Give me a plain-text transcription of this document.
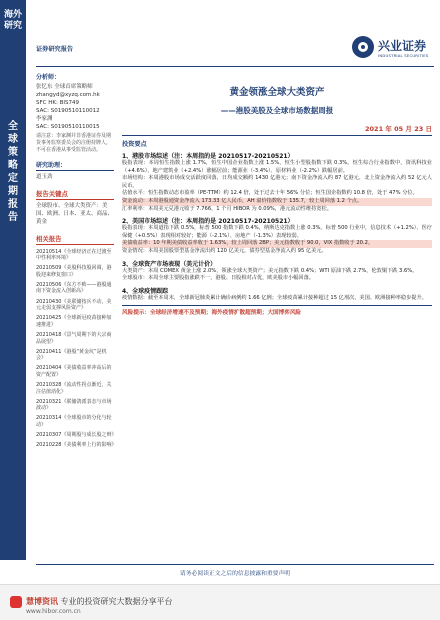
海外研究
全球策略定期报告
证券研究报告	兴业证券
INDUSTRIAL SECURITIES
分析师：
张忆东 全球首席策略师
zhangyd@xyzq.com.hk
SFC HK: BIS749
SAC: S0190510110012
李家渊
SAC: S0190510110015
请注意：李家渊并非香港证券及期货事务监察委员会的注册持牌人，不可在香港从事受监管活动。
研究助理：
道玉劲
报告关键点
全球股市、全球大类资产：美国、欧洲、日本、亚太、商品、黄金
相关报告
20210514《全球经济正在过渡至中性利率环境》
20210509《美股科技股回调，港股迎来修复窗口》
20210506《东方不败——港股通南下资金流入创新高》
20210430《美联储按兵不动，美元走弱支撑风险资产》
20210425《全球新冠疫苗接种加速推进》
20210418《景气周期下的大宗商品展望》
20210411《港股“黄金坑”是机会》
20210404《美债收益率冲高后的资产配置》
20210328《流动性拐点渐近，关注估值消化》
20210321《联储鸽派表态与市场波动》
20210314《全球股市的分化与轮动》
20210307《周期股与成长股之辩》
20210228《美债利率上行的影响》
黄金领涨全球大类资产
——港股美股及全球市场数据周报
2021 年 05 月 23 日
投资要点
1、港股市场综述（注：本周指的是 20210517-20210521）
股指表现：本周恒生指数上涨 1.7%，恒生中国企业指数上涨 1.5%，恒生小型股指数下跌 0.3%。恒生综合行业指数中，资讯科技业（+4.6%）、地产建筑业（+2.4%）涨幅居前；能源业（-3.4%）、原材料业（-2.2%）跌幅居前。
市场结构：本周港股市场成交活跃度回落，日均成交额约 1430 亿港元；南下资金净流入约 87 亿港元，北上资金净流入约 52 亿元人民币。
估值水平：恒生指数动态市盈率（PE-TTM）约 12.4 倍，处于过去十年 56% 分位；恒生国企指数约 10.8 倍，处于 47% 分位。
资金流动：本周港股通资金净流入 173.33 亿人民币，AH 溢价指数收于 135.7，较上周回落 1.2 个点。
汇率利率：本周美元兑港元收于 7.766，1 个月 HIBOR 为 0.09%，港元流动性维持宽松。
2、美国市场综述（注：本周指的是 20210517-20210521）
股指表现：本周道指下跌 0.5%，标普 500 指数下跌 0.4%，纳斯达克指数上涨 0.3%。标普 500 行业中，信息技术（+1.2%）、医疗保健（+0.5%）表现相对较好；能源（-2.1%）、房地产（-1.3%）表现较弱。
美债收益率：10 年期美债收益率收于 1.63%，较上周回落 2BP；美元指数收于 90.0，VIX 指数收于 20.2。
资金情况：本周美国股票型基金净流出约 120 亿美元，债券型基金净流入约 95 亿美元。
3、全球资产市场表现（美元计价）
大类资产：本周 COMEX 黄金上涨 2.0%，领涨全球大类资产；美元指数下跌 0.4%；WTI 原油下跌 2.7%，伦敦铜下跌 3.6%。
全球股市：本周全球主要股指涨跌不一，港股、日股相对占优，欧美股市小幅回落。
4、全球疫情跟踪
疫情数据：截至本周末，全球新冠肺炎累计确诊病例约 1.66 亿例；全球疫苗累计接种超过 15 亿剂次，美国、欧洲接种率稳步提升。
风险提示：全球经济增速不及预期；海外疫情扩散超预期；大国博弈风险
请务必阅读正文之后的信息披露和重要声明
慧博资讯 专业的投资研究大数据分享平台
www.hibor.com.cn
